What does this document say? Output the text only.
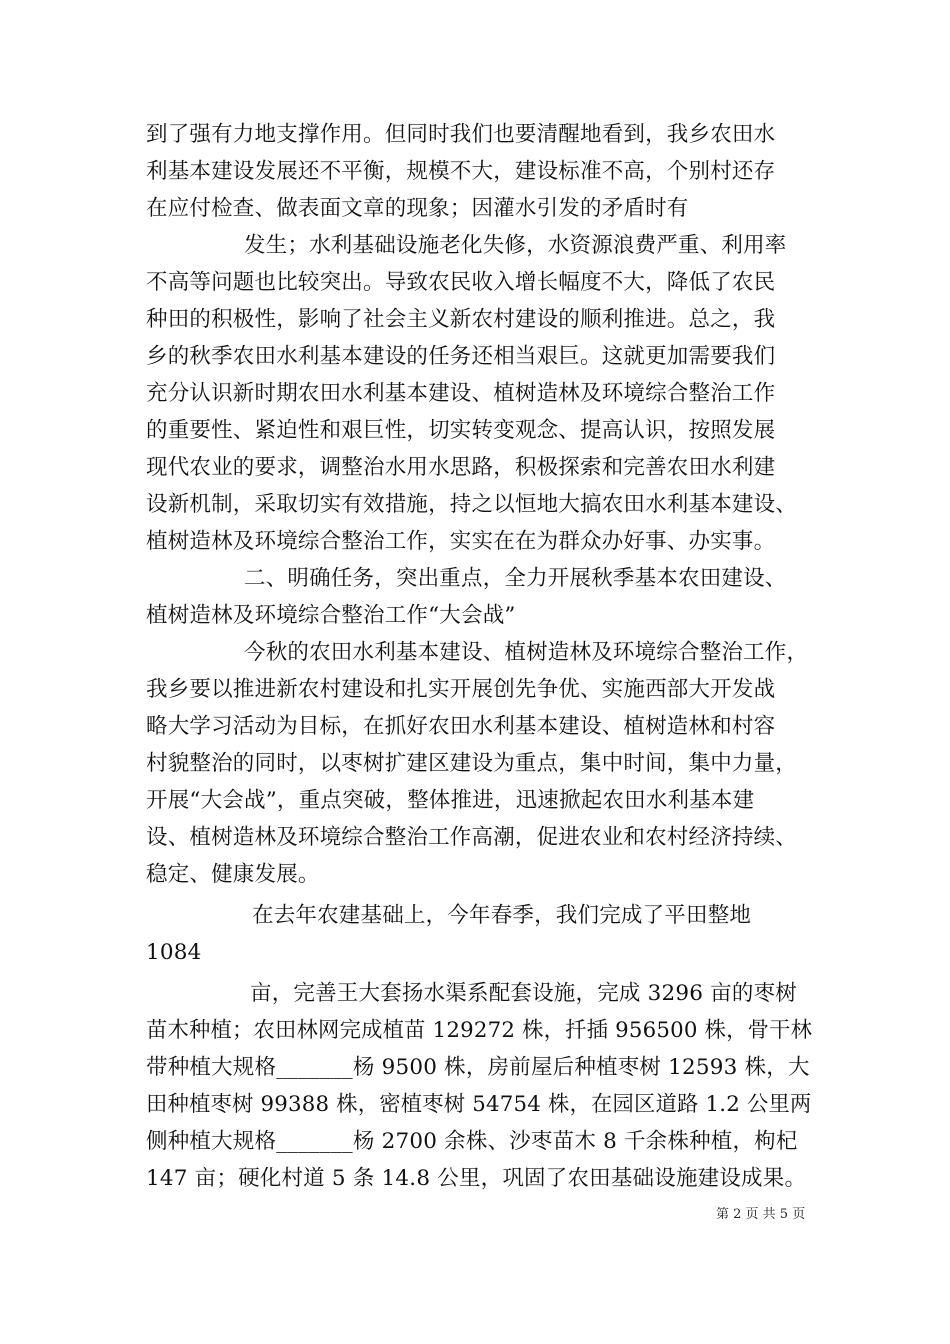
到了强有力地支撑作用。但同时我们也要清醒地看到，我乡农田水
利基本建设发展还不平衡，规模不大，建设标准不高，个别村还存
在应付检查、做表面文章的现象；因灌水引发的矛盾时有
发生；水利基础设施老化失修，水资源浪费严重、利用率
不高等问题也比较突出。导致农民收入增长幅度不大，降低了农民
种田的积极性，影响了社会主义新农村建设的顺利推进。总之，我
乡的秋季农田水利基本建设的任务还相当艰巨。这就更加需要我们
充分认识新时期农田水利基本建设、植树造林及环境综合整治工作
的重要性、紧迫性和艰巨性，切实转变观念、提高认识，按照发展
现代农业的要求，调整治水用水思路，积极探索和完善农田水利建
设新机制，采取切实有效措施，持之以恒地大搞农田水利基本建设、
植树造林及环境综合整治工作，实实在在为群众办好事、办实事。
二、明确任务，突出重点，全力开展秋季基本农田建设、
植树造林及环境综合整治工作“大会战”
今秋的农田水利基本建设、植树造林及环境综合整治工作，
我乡要以推进新农村建设和扎实开展创先争优、实施西部大开发战
略大学习活动为目标，在抓好农田水利基本建设、植树造林和村容
村貌整治的同时，以枣树扩建区建设为重点，集中时间，集中力量，
开展“大会战”，重点突破，整体推进，迅速掀起农田水利基本建
设、植树造林及环境综合整治工作高潮，促进农业和农村经济持续、
稳定、健康发展。
在去年农建基础上，今年春季，我们完成了平田整地
1084
亩，完善王大套扬水渠系配套设施，完成 3296 亩的枣树
苗木种植；农田林网完成植苗 129272 株，扦插 956500 株，骨干林
带种植大规格_______杨 9500 株，房前屋后种植枣树 12593 株，大
田种植枣树 99388 株，密植枣树 54754 株，在园区道路 1.2 公里两
侧种植大规格_______杨 2700 余株、沙枣苗木 8 千余株种植，枸杞
147 亩；硬化村道 5 条 14.8 公里，巩固了农田基础设施建设成果。
第 2 页 共 5 页
